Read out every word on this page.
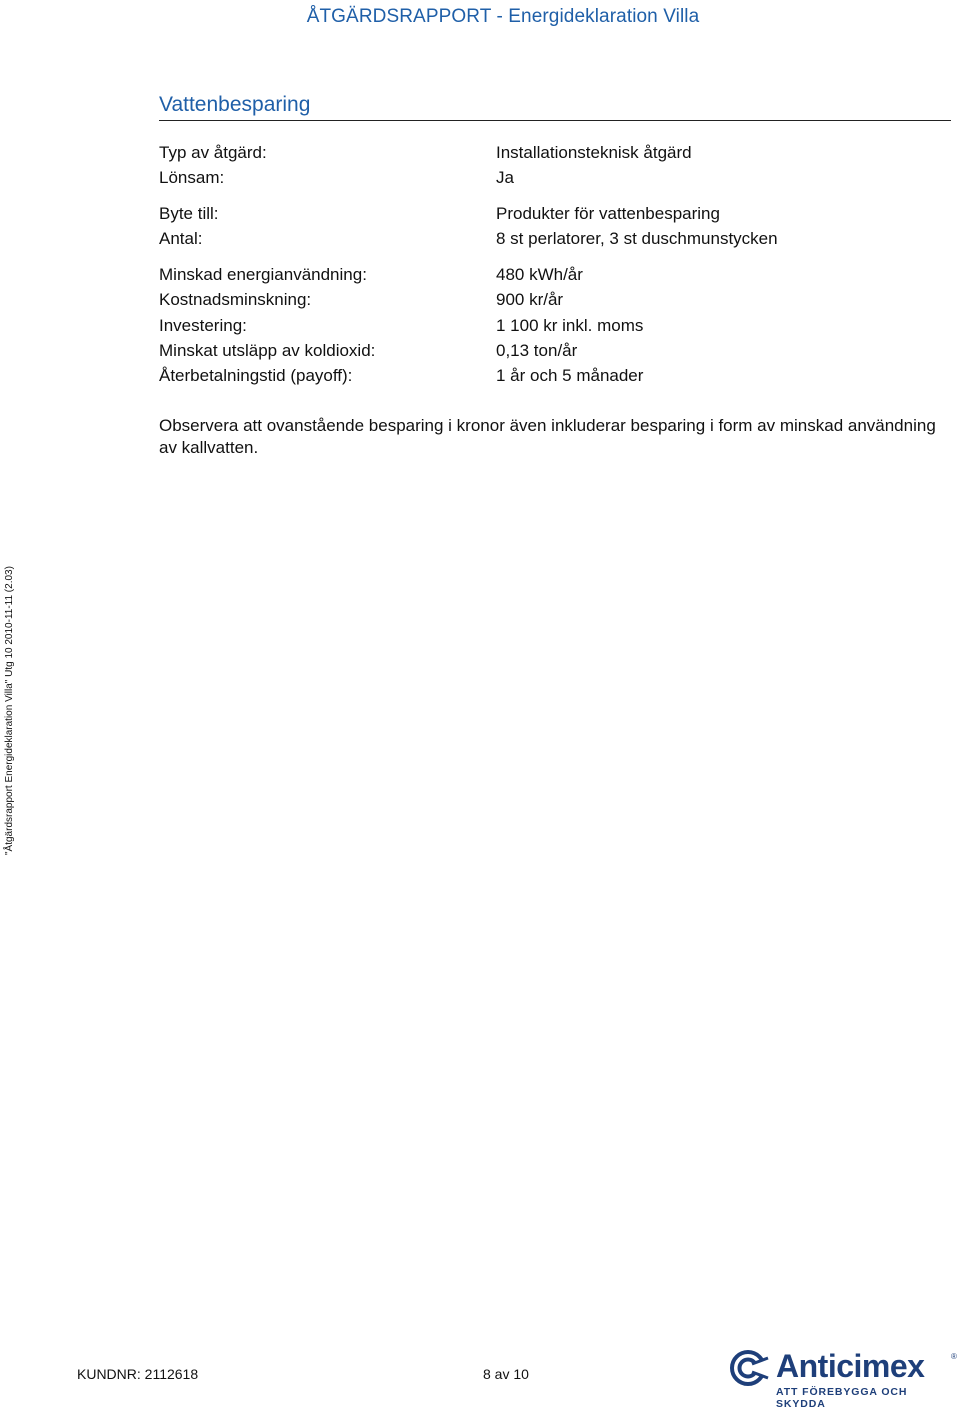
ÅTGÄRDSRAPPORT - Energideklaration Villa
Vattenbesparing
Typ av åtgärd:	Installationsteknisk åtgärd
Lönsam:	Ja
Byte till:	Produkter för vattenbesparing
Antal:	8 st perlatorer, 3 st duschmunstycken
Minskad energianvändning:	480 kWh/år
Kostnadsminskning:	900 kr/år
Investering:	1 100 kr inkl. moms
Minskat utsläpp av koldioxid:	0,13 ton/år
Återbetalningstid (payoff):	1 år och 5 månader
Observera att ovanstående besparing i kronor även inkluderar besparing i form av minskad användning av kallvatten.
"Åtgärdsrapport Energideklaration Villa" Utg 10 2010-11-11 (2.03)
KUNDNR: 2112618	8 av 10	Anticimex	®
ATT FÖREBYGGA OCH SKYDDA
